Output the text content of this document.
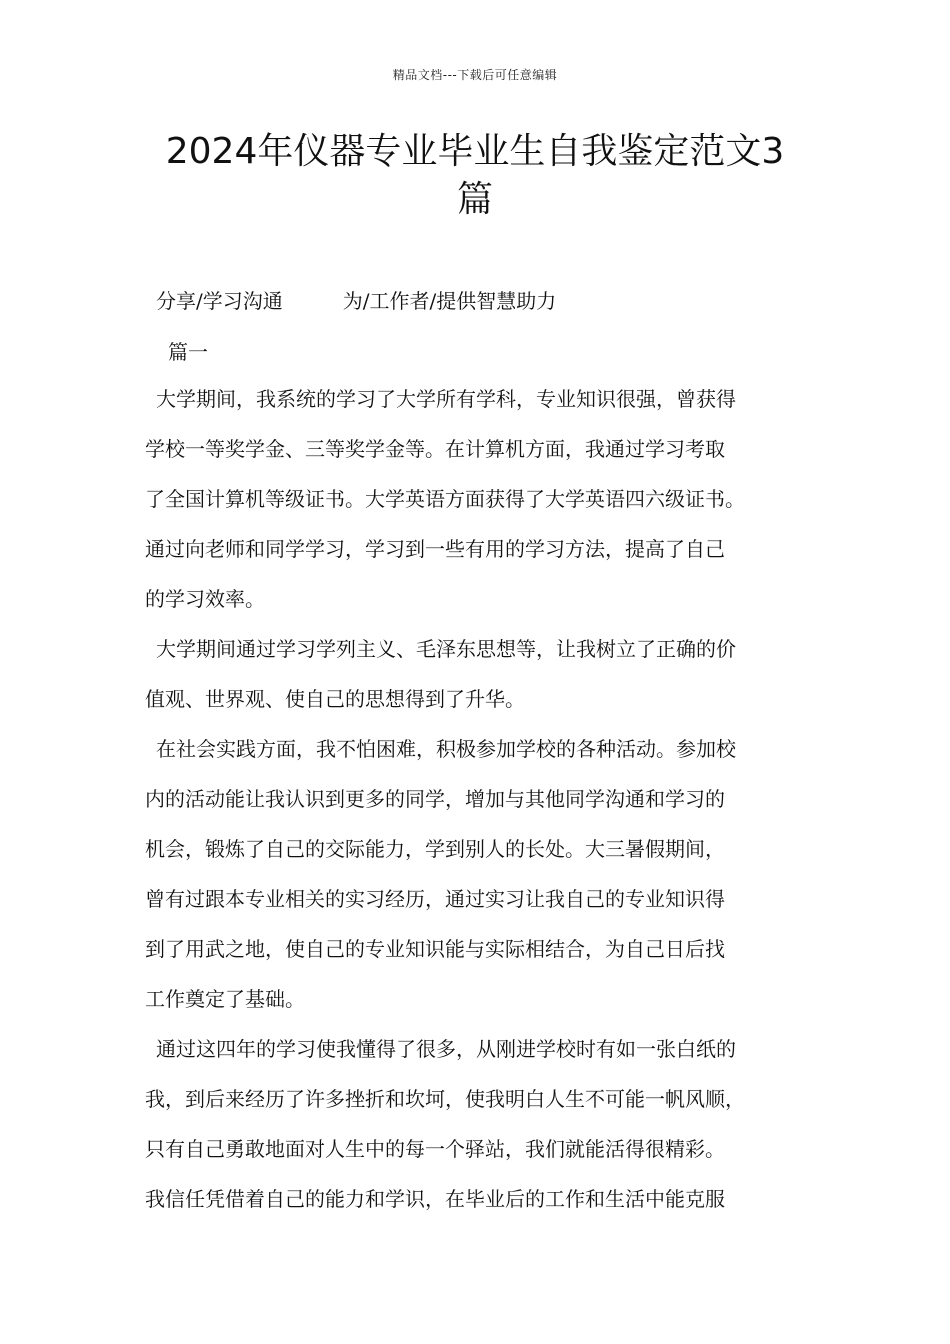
精品文档---下载后可任意编辑
2024年仪器专业毕业生自我鉴定范文3
篇
分享/学习沟通　　　为/工作者/提供智慧助力
篇一
大学期间，我系统的学习了大学所有学科，专业知识很强，曾获得
学校一等奖学金、三等奖学金等。在计算机方面，我通过学习考取
了全国计算机等级证书。大学英语方面获得了大学英语四六级证书。
通过向老师和同学学习，学习到一些有用的学习方法，提高了自己
的学习效率。
大学期间通过学习学列主义、毛泽东思想等，让我树立了正确的价
值观、世界观、使自己的思想得到了升华。
在社会实践方面，我不怕困难，积极参加学校的各种活动。参加校
内的活动能让我认识到更多的同学，增加与其他同学沟通和学习的
机会，锻炼了自己的交际能力，学到别人的长处。大三暑假期间，
曾有过跟本专业相关的实习经历，通过实习让我自己的专业知识得
到了用武之地，使自己的专业知识能与实际相结合，为自己日后找
工作奠定了基础。
通过这四年的学习使我懂得了很多，从刚进学校时有如一张白纸的
我，到后来经历了许多挫折和坎坷，使我明白人生不可能一帆风顺，
只有自己勇敢地面对人生中的每一个驿站，我们就能活得很精彩。
我信任凭借着自己的能力和学识，在毕业后的工作和生活中能克服
